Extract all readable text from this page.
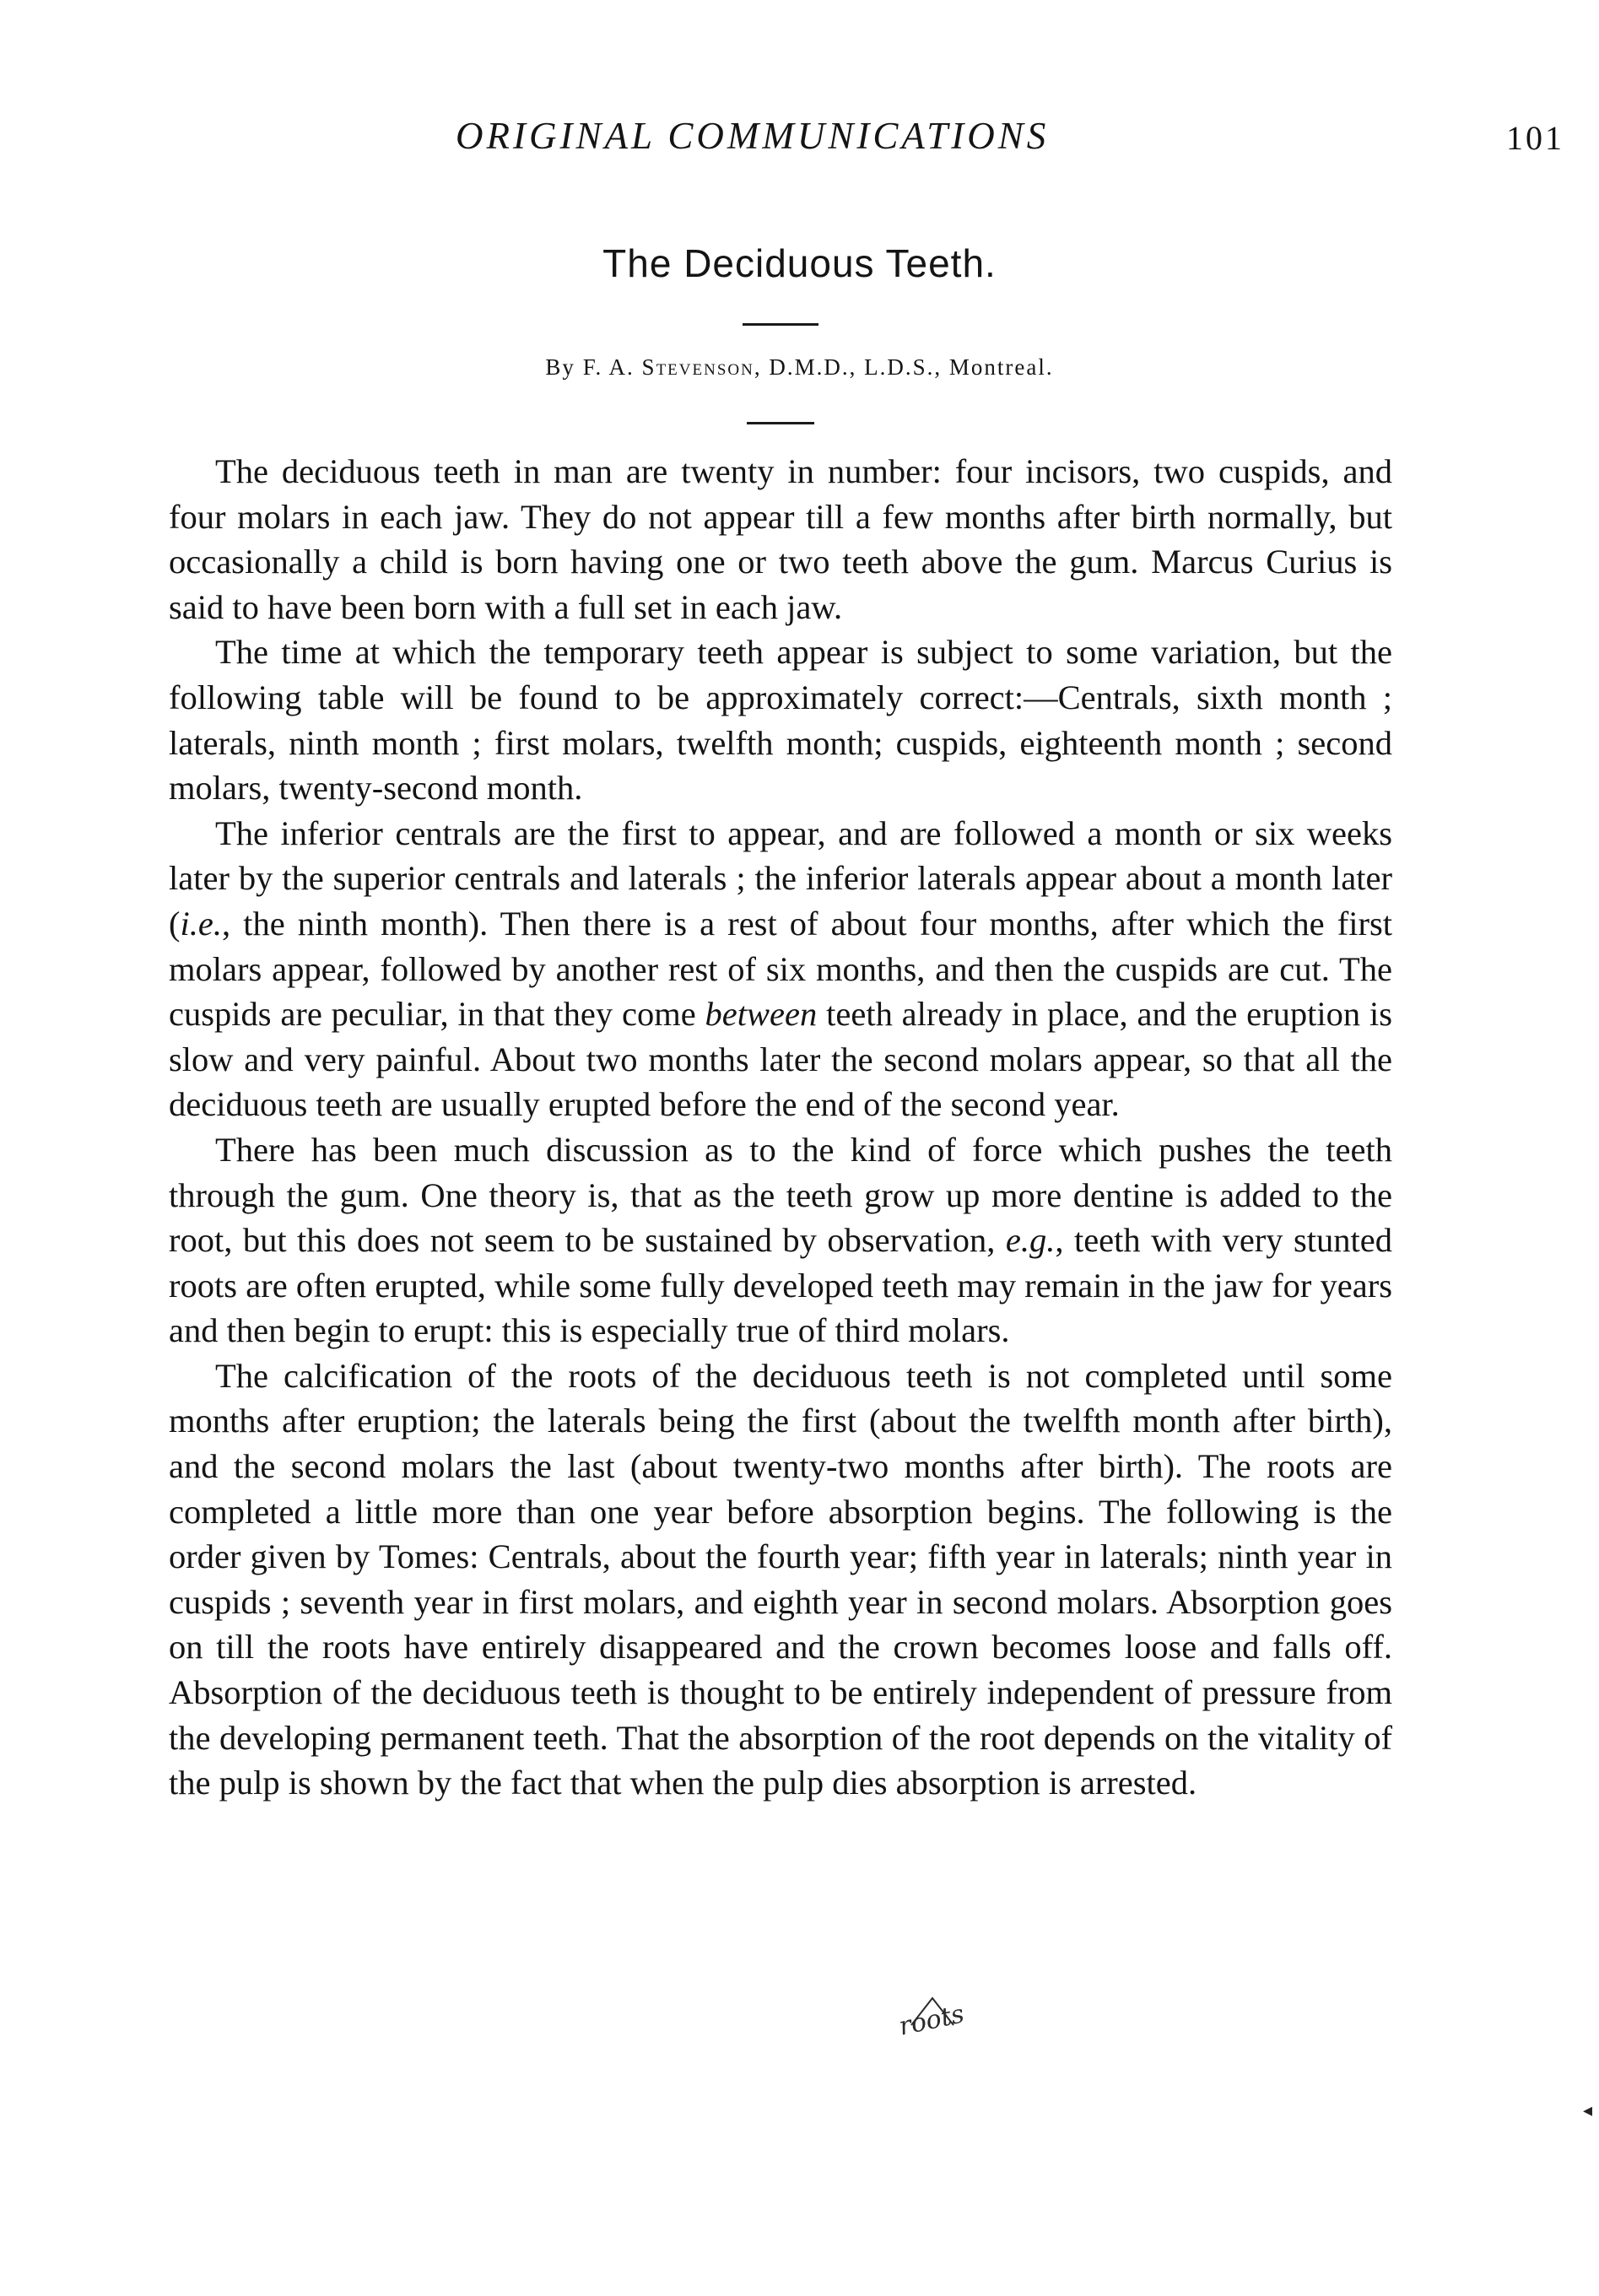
ORIGINAL COMMUNICATIONS	101
The Deciduous Teeth.
By F. A. Stevenson, D.M.D., L.D.S., Montreal.

The deciduous teeth in man are twenty in number: four incisors, two cuspids, and four molars in each jaw. They do not appear till a few months after birth normally, but occasionally a child is born having one or two teeth above the gum. Marcus Curius is said to have been born with a full set in each jaw.

The time at which the temporary teeth appear is subject to some variation, but the following table will be found to be approximately correct:—Centrals, sixth month ; laterals, ninth month ; first molars, twelfth month; cuspids, eighteenth month ; second molars, twenty-second month.

The inferior centrals are the first to appear, and are followed a month or six weeks later by the superior centrals and laterals ; the inferior laterals appear about a month later (i.e., the ninth month). Then there is a rest of about four months, after which the first molars appear, followed by another rest of six months, and then the cuspids are cut. The cuspids are peculiar, in that they come between teeth already in place, and the eruption is slow and very painful. About two months later the second molars appear, so that all the deciduous teeth are usually erupted before the end of the second year.

There has been much discussion as to the kind of force which pushes the teeth through the gum. One theory is, that as the teeth grow up more dentine is added to the root, but this does not seem to be sustained by observation, e.g., teeth with very stunted roots are often erupted, while some fully developed teeth may remain in the jaw for years and then begin to erupt: this is especially true of third molars.

The calcification of the roots of the deciduous teeth is not completed until some months after eruption; the laterals being the first (about the twelfth month after birth), and the second molars the last (about twenty-two months after birth). The roots are completed a little more than one year before absorption begins. The following is the order given by Tomes: Centrals, about the fourth year; fifth year in laterals; ninth year in cuspids ; seventh year in first molars, and eighth year in second molars. Absorption goes on till the roots have entirely disappeared and the crown becomes loose and falls off. Absorption of the deciduous teeth is thought to be entirely independent of pressure from the developing permanent teeth. That the absorption of the root depends on the vitality of the pulp is shown by the fact that when the pulp dies absorption is arrested.

roots
◂
